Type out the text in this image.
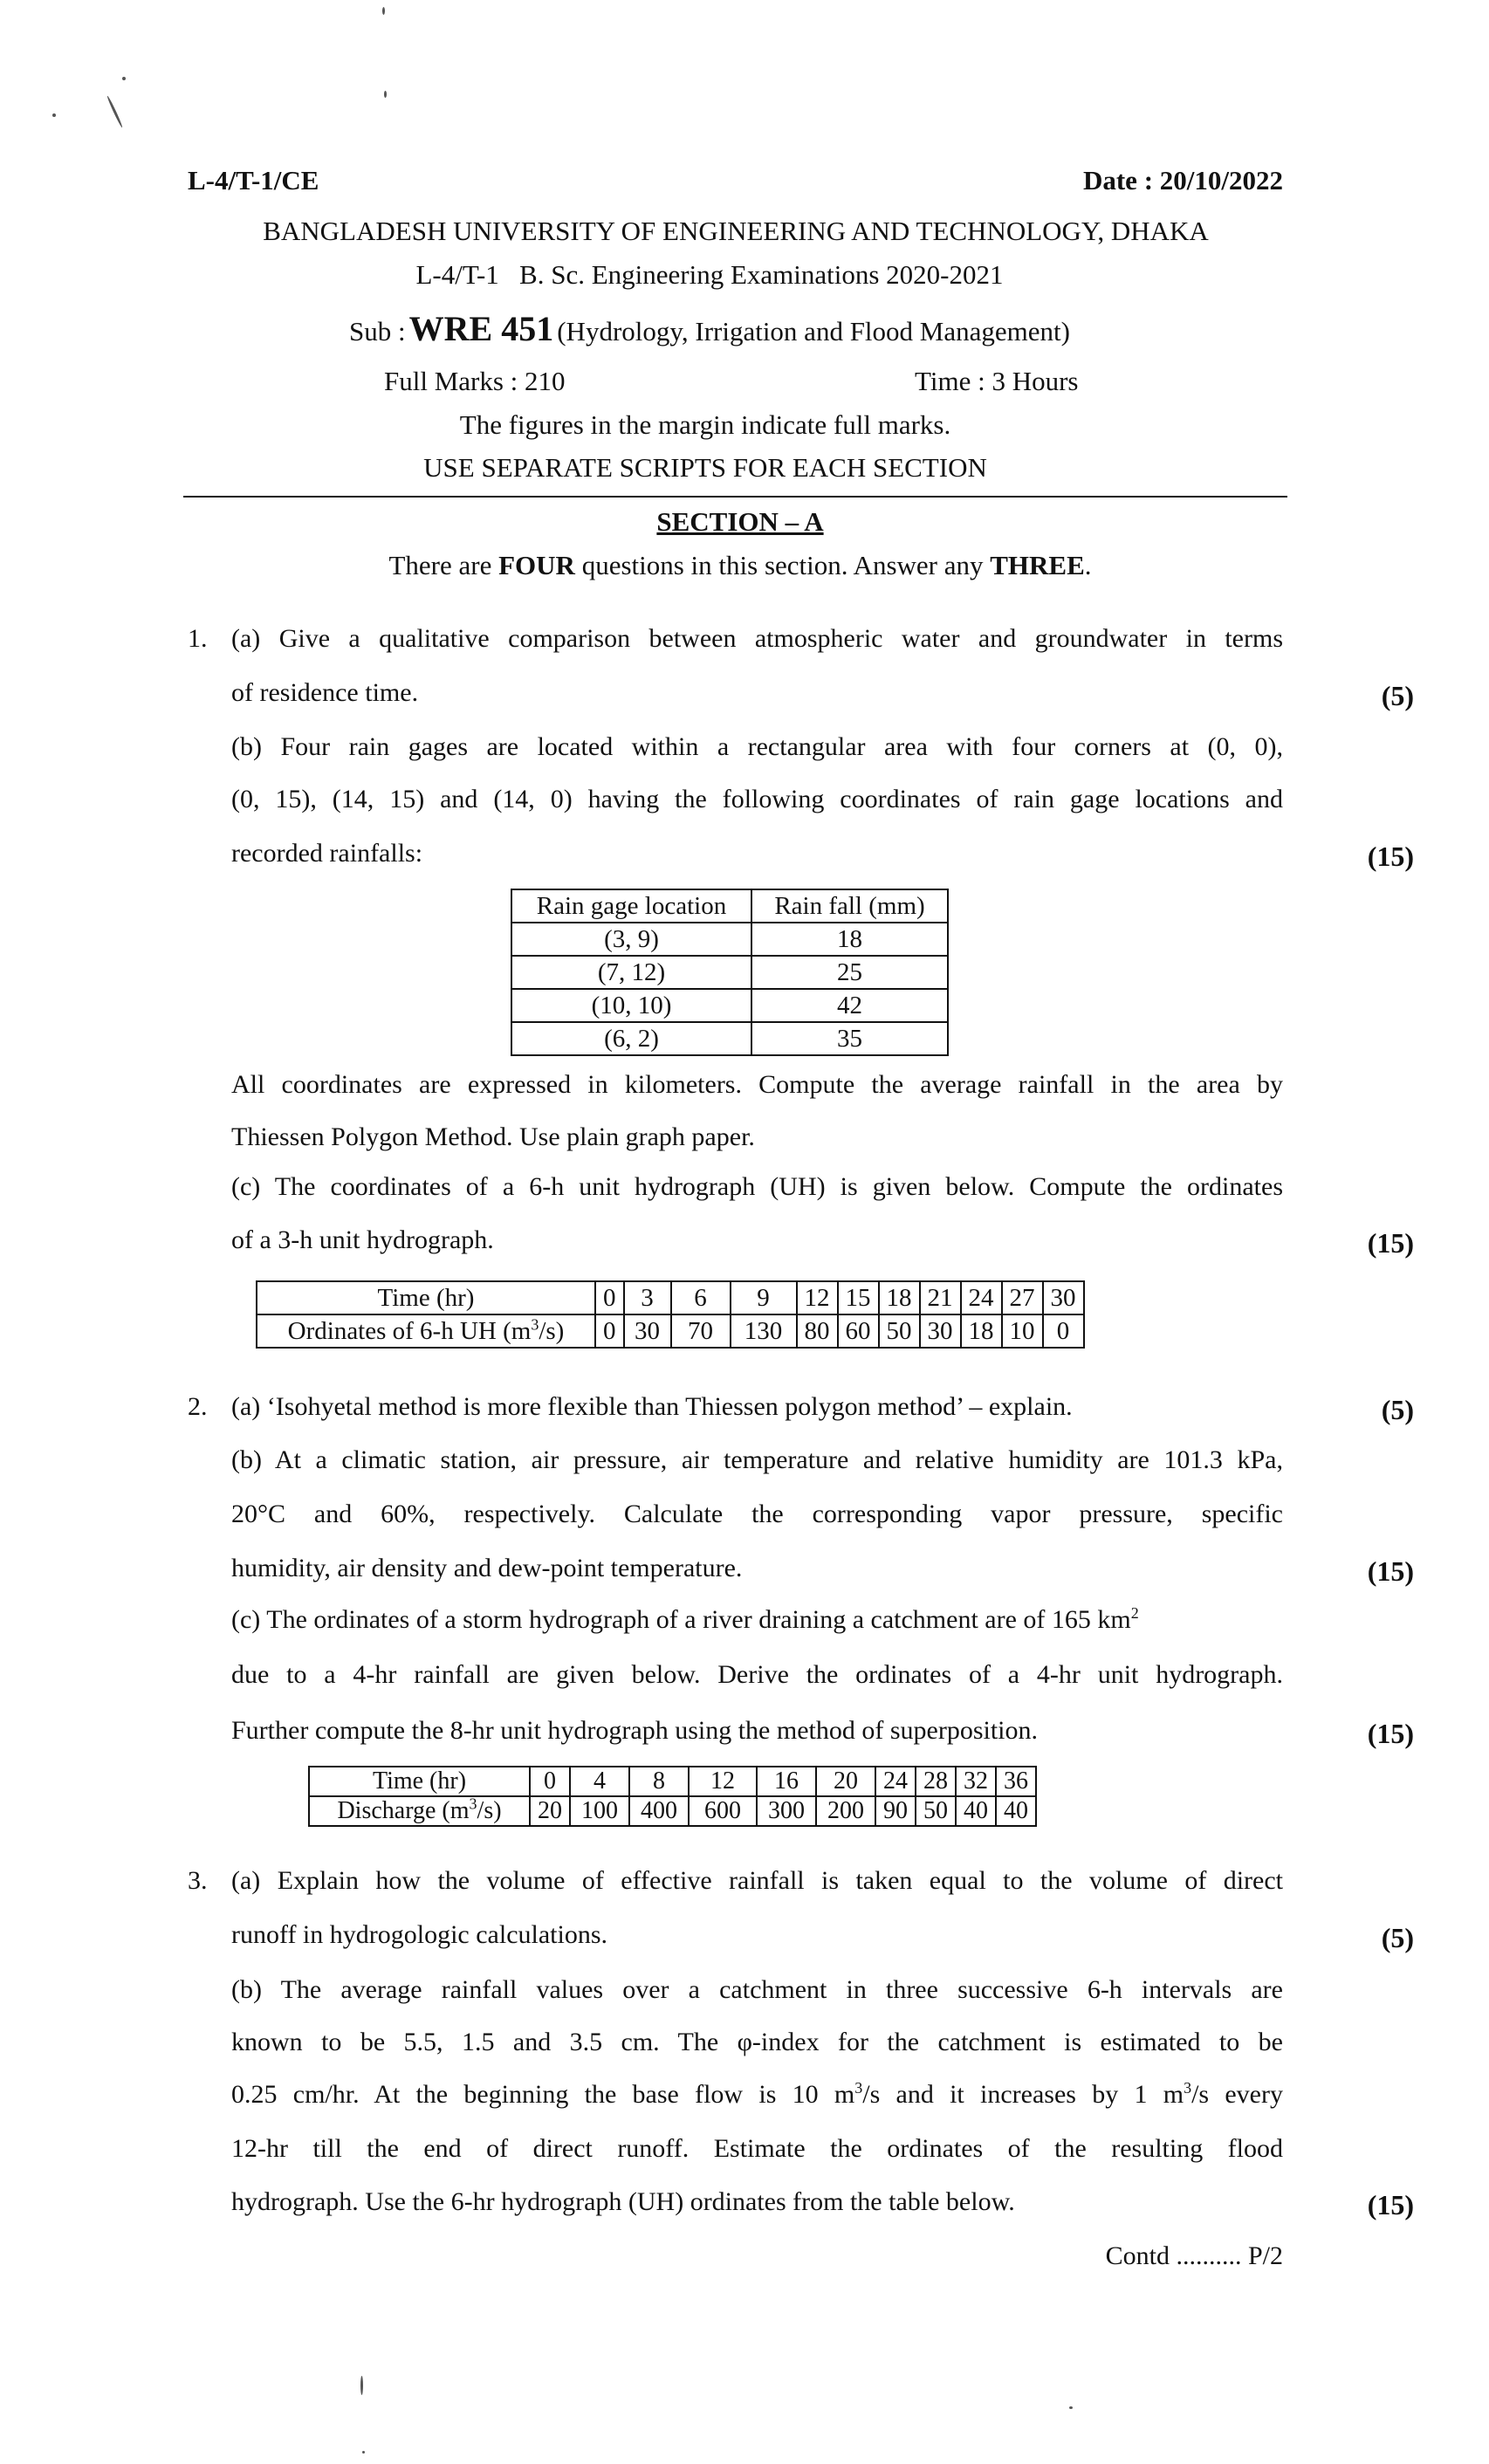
L-4/T-1/CE	Date : 20/10/2022
BANGLADESH UNIVERSITY OF ENGINEERING AND TECHNOLOGY, DHAKA
L-4/T-1   B. Sc. Engineering Examinations 2020-2021
Sub : WRE 451 (Hydrology, Irrigation and Flood Management)
Full Marks : 210	Time : 3 Hours
The figures in the margin indicate full marks.
USE SEPARATE SCRIPTS FOR EACH SECTION
SECTION – A
There are FOUR questions in this section. Answer any THREE.
1. (a) Give a qualitative comparison between atmospheric water and groundwater in terms
of residence time.	(5)
(b) Four rain gages are located within a rectangular area with four corners at (0, 0),
(0, 15), (14, 15) and (14, 0) having the following coordinates of rain gage locations and
recorded rainfalls:	(15)
Rain gage location	Rain fall (mm)
(3, 9)	18
(7, 12)	25
(10, 10)	42
(6, 2)	35
All coordinates are expressed in kilometers. Compute the average rainfall in the area by
Thiessen Polygon Method. Use plain graph paper.
(c) The coordinates of a 6-h unit hydrograph (UH) is given below. Compute the ordinates
of a 3-h unit hydrograph.	(15)
Time (hr)	0	3	6	9	12	15	18	21	24	27	30
Ordinates of 6-h UH $(m^3/s)$	0	30	70	130	80	60	50	30	18	10	0
2. (a) ‘Isohyetal method is more flexible than Thiessen polygon method’ – explain.	(5)
(b) At a climatic station, air pressure, air temperature and relative humidity are 101.3 kPa,
20°C and 60%, respectively. Calculate the corresponding vapor pressure, specific
humidity, air density and dew-point temperature.	(15)
(c) The ordinates of a storm hydrograph of a river draining a catchment are of 165 $km^2$
due to a 4-hr rainfall are given below. Derive the ordinates of a 4-hr unit hydrograph.
Further compute the 8-hr unit hydrograph using the method of superposition.	(15)
Time (hr)	0	4	8	12	16	20	24	28	32	36
Discharge $(m^3/s)$	20	100	400	600	300	200	90	50	40	40
3. (a) Explain how the volume of effective rainfall is taken equal to the volume of direct
runoff in hydrogologic calculations.	(5)
(b) The average rainfall values over a catchment in three successive 6-h intervals are
known to be 5.5, 1.5 and 3.5 cm. The φ-index for the catchment is estimated to be
0.25 cm/hr. At the beginning the base flow is 10 $m^3/s$ and it increases by 1 $m^3/s$ every
12-hr till the end of direct runoff. Estimate the ordinates of the resulting flood
hydrograph. Use the 6-hr hydrograph (UH) ordinates from the table below.	(15)
Contd .......... P/2
